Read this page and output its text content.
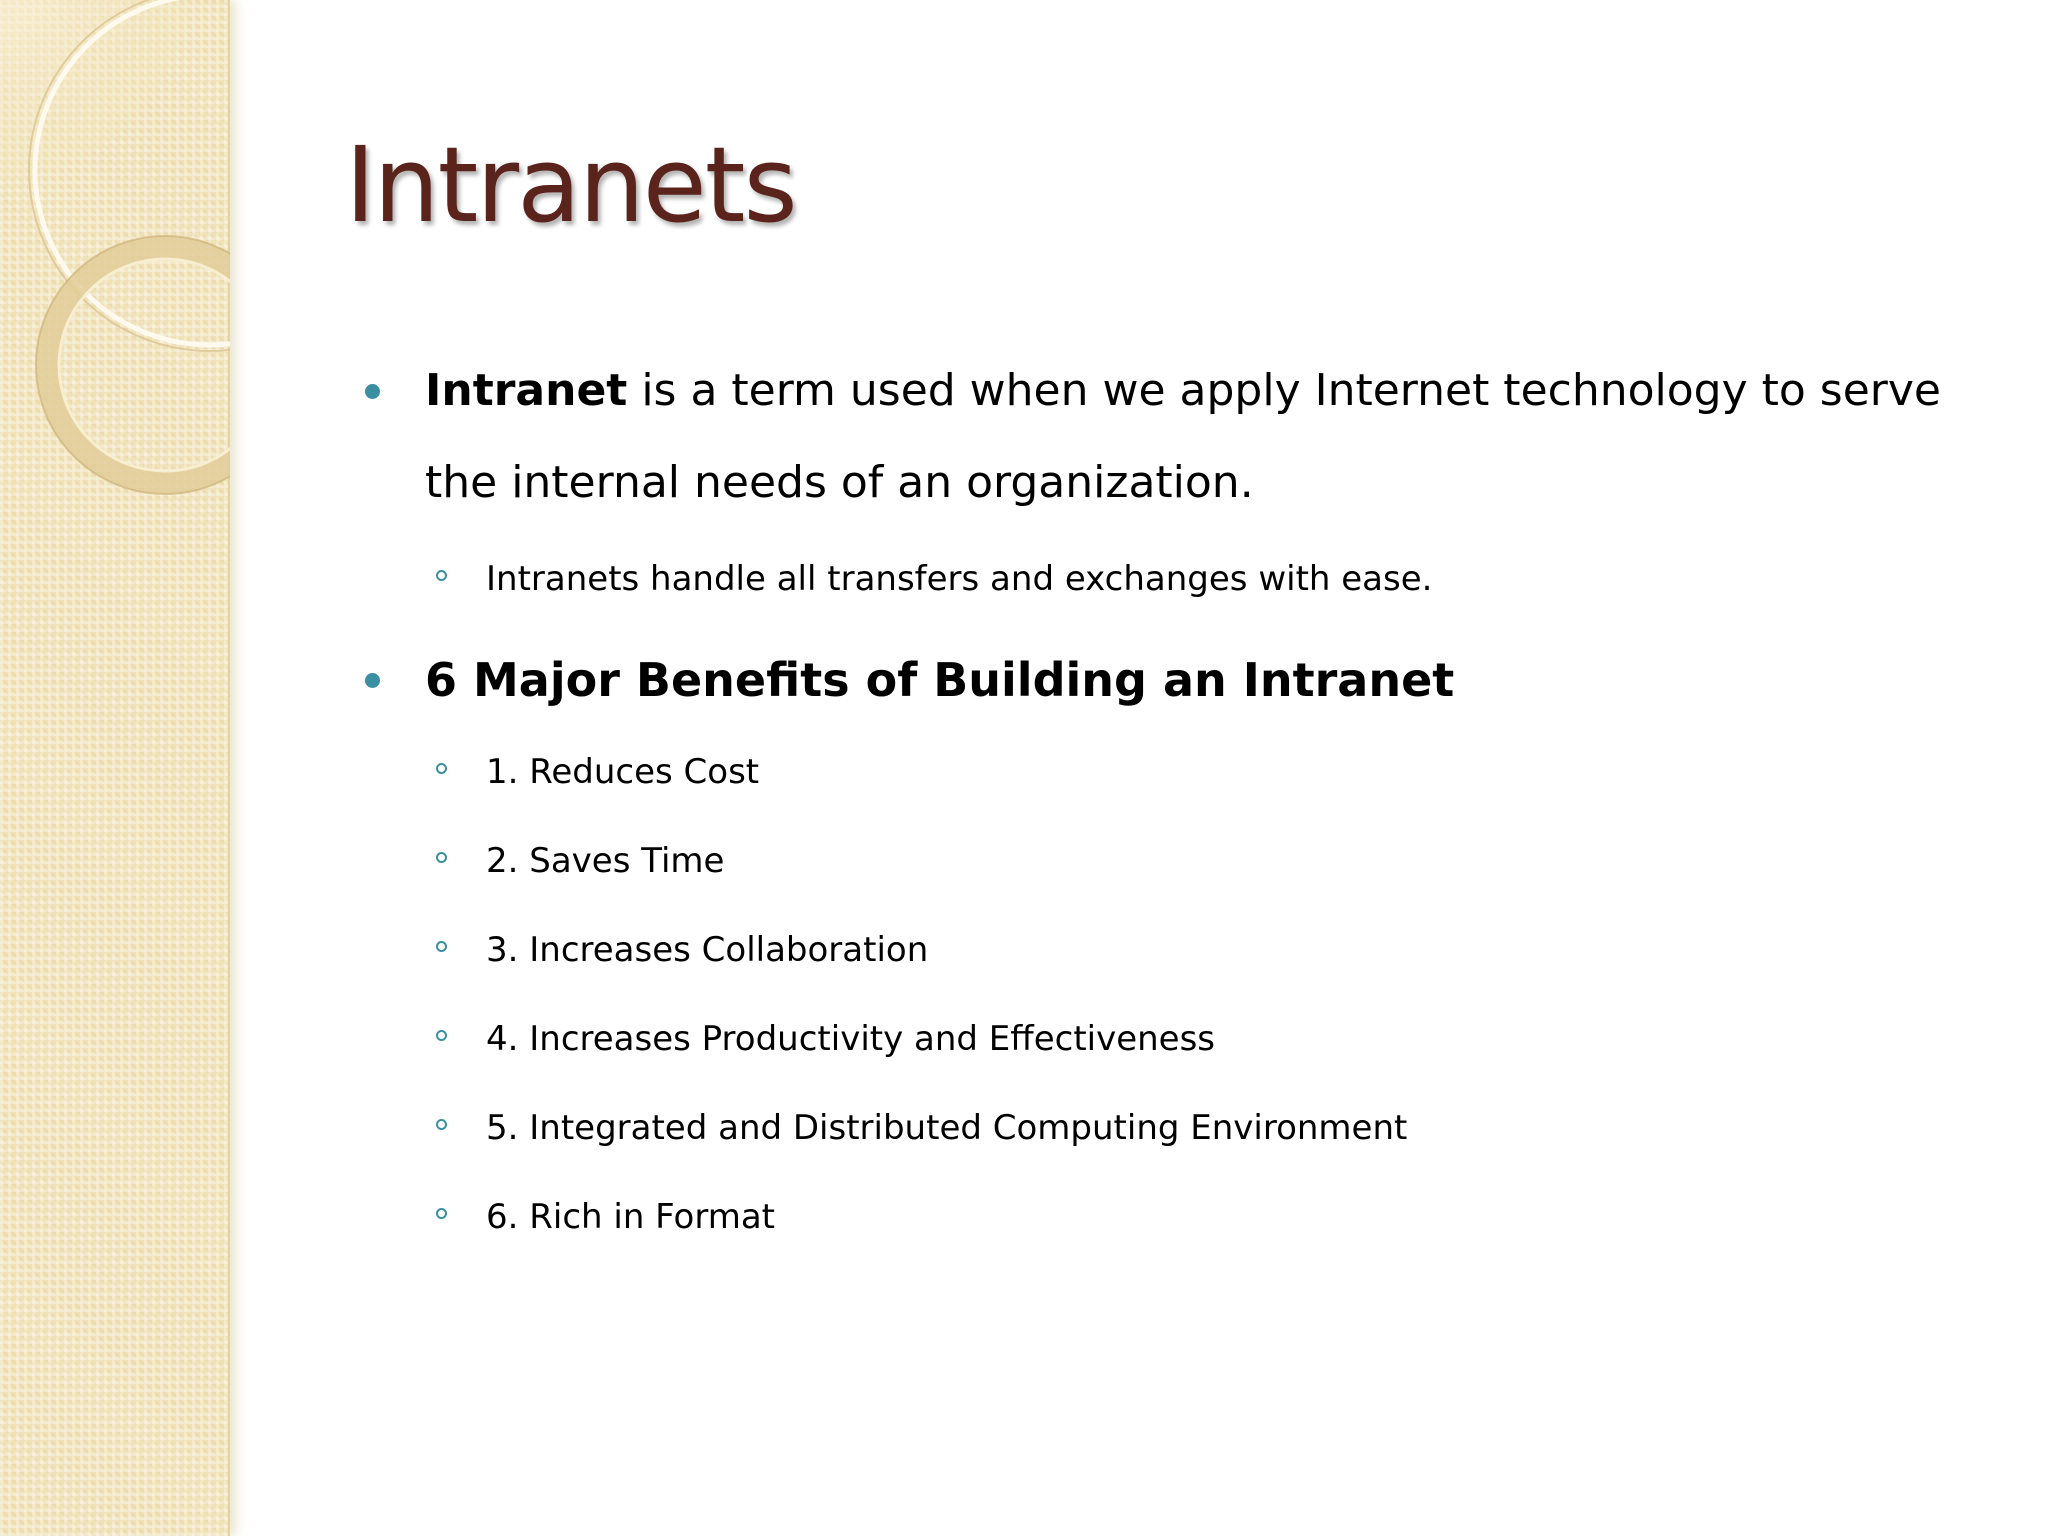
Intranets

Intranet is a term used when we apply Internet technology to serve the internal needs of an organization.

Intranets handle all transfers and exchanges with ease.

6 Major Benefits of Building an Intranet

1. Reduces Cost

2. Saves Time

3. Increases Collaboration

4. Increases Productivity and Effectiveness

5. Integrated and Distributed Computing Environment

6. Rich in Format
